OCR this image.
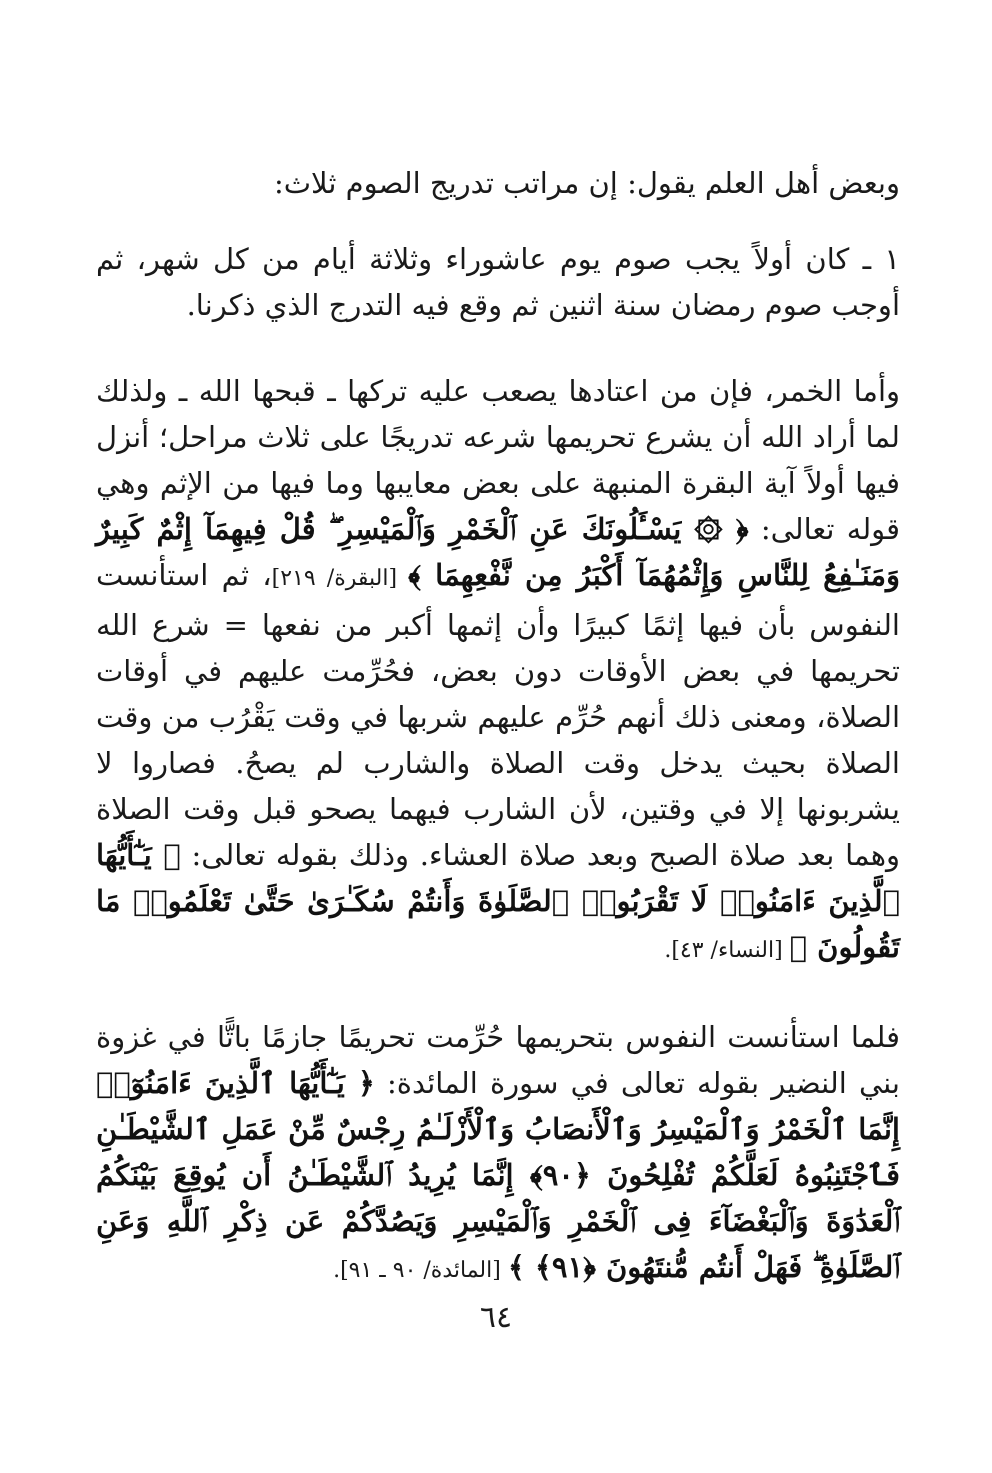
وبعض أهل العلم يقول: إن مراتب تدريج الصوم ثلاث:

١ ـ كان أولاً يجب صوم يوم عاشوراء وثلاثة أيام من كل شهر، ثم أوجب صوم رمضان سنة اثنين ثم وقع فيه التدرج الذي ذكرنا.

وأما الخمر، فإن من اعتادها يصعب عليه تركها ـ قبحها الله ـ ولذلك لما أراد الله أن يشرع تحريمها شرعه تدريجًا على ثلاث مراحل؛ أنزل فيها أولاً آية البقرة المنبهة على بعض معايبها وما فيها من الإثم وهي قوله تعالى: ﴿ ۞ يَسْـَٔلُونَكَ عَنِ ٱلْخَمْرِ وَٱلْمَيْسِرِ ۖ قُلْ فِيهِمَآ إِثْمٌ كَبِيرٌ وَمَنَـٰفِعُ لِلنَّاسِ وَإِثْمُهُمَآ أَكْبَرُ مِن نَّفْعِهِمَا ﴾ [البقرة/ ٢١٩]، ثم استأنست النفوس بأن فيها إثمًا كبيرًا وأن إثمها أكبر من نفعها = شرع الله تحريمها في بعض الأوقات دون بعض، فحُرِّمت عليهم في أوقات الصلاة، ومعنى ذلك أنهم حُرِّم عليهم شربها في وقت يَقْرُب من وقت الصلاة بحيث يدخل وقت الصلاة والشارب لم يصحُ. فصاروا لا يشربونها إلا في وقتين، لأن الشارب فيهما يصحو قبل وقت الصلاة وهما بعد صلاة الصبح وبعد صلاة العشاء. وذلك بقوله تعالى: ﴿ يَـٰٓأَيُّهَا ٱلَّذِينَ ءَامَنُوا۟ لَا تَقْرَبُوا۟ ٱلصَّلَوٰةَ وَأَنتُمْ سُكَـٰرَىٰ حَتَّىٰ تَعْلَمُوا۟ مَا تَقُولُونَ ﴾ [النساء/ ٤٣].

فلما استأنست النفوس بتحريمها حُرِّمت تحريمًا جازمًا باتًّا في غزوة بني النضير بقوله تعالى في سورة المائدة: ﴿ يَـٰٓأَيُّهَا ٱلَّذِينَ ءَامَنُوٓا۟ إِنَّمَا ٱلْخَمْرُ وَٱلْمَيْسِرُ وَٱلْأَنصَابُ وَٱلْأَزْلَـٰمُ رِجْسٌ مِّنْ عَمَلِ ٱلشَّيْطَـٰنِ فَٱجْتَنِبُوهُ لَعَلَّكُمْ تُفْلِحُونَ ﴿٩٠﴾ إِنَّمَا يُرِيدُ ٱلشَّيْطَـٰنُ أَن يُوقِعَ بَيْنَكُمُ ٱلْعَدَٰوَةَ وَٱلْبَغْضَآءَ فِى ٱلْخَمْرِ وَٱلْمَيْسِرِ وَيَصُدَّكُمْ عَن ذِكْرِ ٱللَّهِ وَعَنِ ٱلصَّلَوٰةِ ۖ فَهَلْ أَنتُم مُّنتَهُونَ ﴿٩١﴾ ﴾ [المائدة/ ٩٠ ـ ٩١].

٦٤
